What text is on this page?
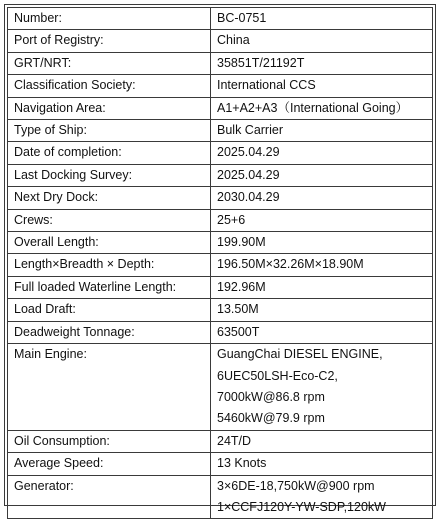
Number:	BC-0751

Port of Registry:	China

GRT/NRT:	35851T/21192T

Classification Society:	International CCS

Navigation Area:	A1+A2+A3（International Going）

Type of Ship:	Bulk Carrier

Date of completion:	2025.04.29

Last Docking Survey:	2025.04.29

Next Dry Dock:	2030.04.29

Crews:	25+6

Overall Length:	199.90M

Length×Breadth × Depth:	196.50M×32.26M×18.90M

Full loaded Waterline Length:	192.96M

Load Draft:	13.50M

Deadweight Tonnage:	63500T

Main Engine:	GuangChai DIESEL ENGINE,
6UEC50LSH-Eco-C2,
7000kW@86.8 rpm
5460kW@79.9 rpm

Oil Consumption:	24T/D

Average Speed:	13 Knots

Generator:	3×6DE-18,750kW@900 rpm
1×CCFJ120Y-YW-SDP,120kW
